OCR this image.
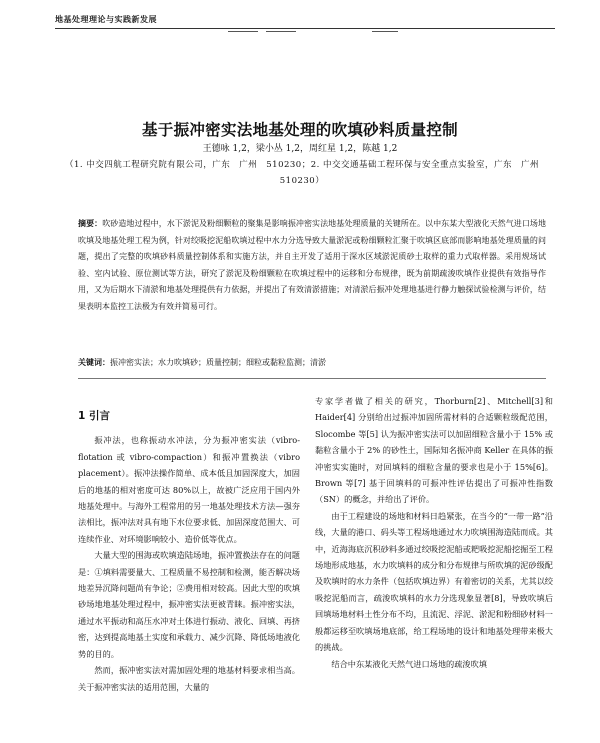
地基处理理论与实践新发展
基于振冲密实法地基处理的吹填砂料质量控制
王德咏 1,2，梁小丛 1,2，周红星 1,2，陈越 1,2
（1. 中交四航工程研究院有限公司，广东　广州　510230；2. 中交交通基础工程环保与安全重点实验室，广东　广州　510230）
摘要：吹砂造地过程中，水下淤泥及粉细颗粒的聚集是影响振冲密实法地基处理质量的关键所在。以中东某大型液化天然气进口场地吹填及地基处理工程为例，针对绞吸挖泥船吹填过程中水力分选导致大量淤泥或粉细颗粒汇聚于吹填区底部而影响地基处理质量的问题，提出了完整的吹填砂料质量控制体系和实施方法，并自主开发了适用于深水区域淤泥质砂土取样的重力式取样器。采用规场试验、室内试验、原位测试等方法，研究了淤泥及粉细颗粒在吹填过程中的运移和分布规律，既为前期疏浚吹填作业提供有效指导作用，又为后期水下清淤和地基处理提供有力依据，并提出了有效清淤措施；对清淤后振冲处理地基进行静力触探试验检测与评价，结果表明本监控工法极为有效并简易可行。
关键词：振冲密实法；水力吹填砂；质量控制；细粒或黏粒监测；清淤
1 引言

振冲法，也称振动水冲法，分为振冲密实法（vibro-flotation 或 vibro-compaction）和振冲置换法（vibro placement）。振冲法操作简单、成本低且加固深度大，加固后的地基的相对密度可达 80%以上，故被广泛应用于国内外地基处理中。与海外工程常用的另一地基处理技术方法—强夯法相比，振冲法对具有地下水位要求低、加固深度范围大、可连续作业、对环境影响较小、造价低等优点。

大量大型的围海或吹填造陆场地，振冲置换法存在的问题是：①填料需要量大、工程质量不易控制和检测，能否解决场地差异沉降问题尚有争论；②费用相对较高。因此大型的吹填砂场地地基处理过程中，振冲密实法更被青睐。振冲密实法，通过水平振动和高压水冲对土体进行振动、液化、回填、再挤密，达到提高地基土实度和承载力、减少沉降、降低场地液化势的目的。

然而，振冲密实法对需加固处理的地基材料要求相当高。关于振冲密实法的适用范围，大量的

专家学者做了相关的研究，Thorburn[2]、Mitchell[3]和 Haider[4] 分别给出过振冲加固所需材料的合适颗粒级配范围，Slocombe 等[5] 认为振冲密实法可以加固细粒含量小于 15% 或黏粒含量小于 2% 的砂性土，国际知名振冲商 Keller 在具体的振冲密实实施时，对回填料的细粒含量的要求也是小于 15%[6]。Brown 等[7] 基于回填料的可振冲性评估提出了可振冲性指数（SN）的概念，并给出了评价。

由于工程建设的场地和材料日趋紧张，在当今的“一带一路”沿线，大量的港口、码头等工程场地通过水力吹填围海造陆而成。其中，近海海底沉积砂料多通过绞吸挖泥船或耙吸挖泥船挖掘至工程场地形成地基，水力吹填料的成分和分布规律与所吹填的泥砂级配及吹填时的水力条件（包括吹填边界）有着密切的关系，尤其以绞吸挖泥船而言，疏浚吹填料的水力分选现象显著[8]，导致吹填后回填场地材料土性分布不均，且流泥、浮泥、淤泥和粉细砂材料一般都运移至吹填场地底部，给工程场地的设计和地基处理带来极大的挑战。

结合中东某液化天然气进口场地的疏浚吹填
